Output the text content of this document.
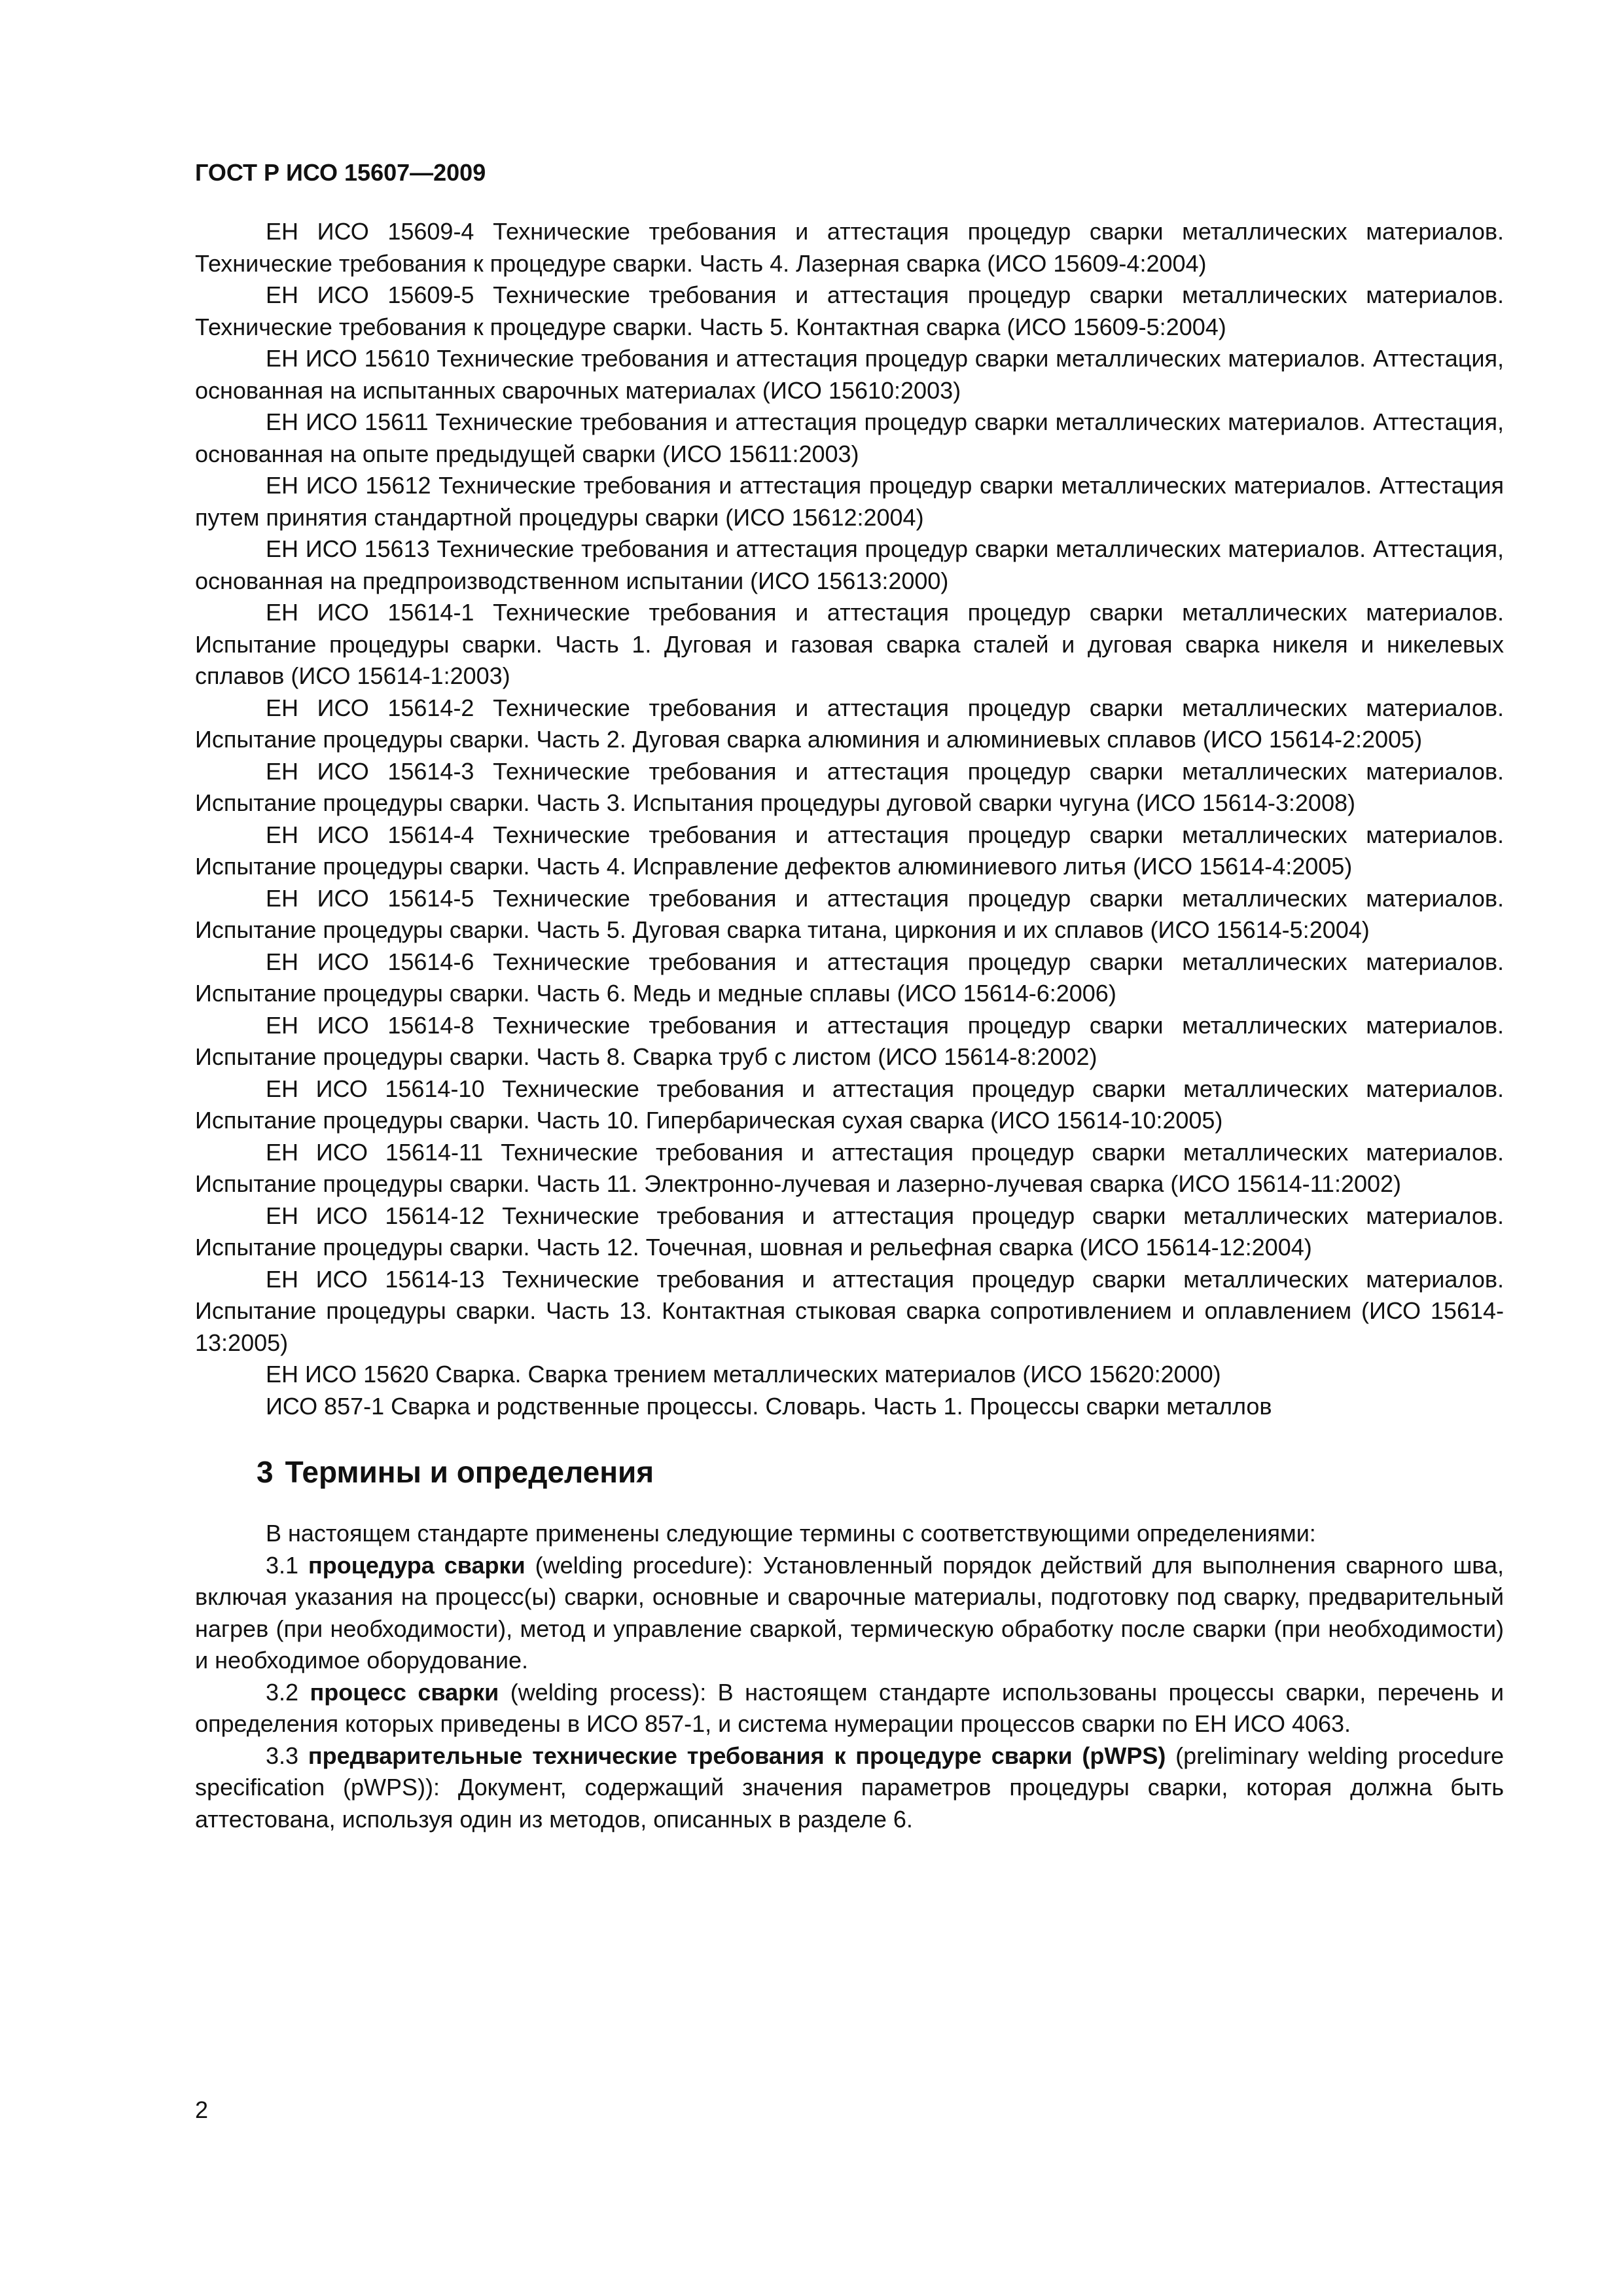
ГОСТ Р ИСО 15607—2009

ЕН ИСО 15609-4 Технические требования и аттестация процедур сварки металлических материалов. Технические требования к процедуре сварки. Часть 4. Лазерная сварка (ИСО 15609-4:2004)

ЕН ИСО 15609-5 Технические требования и аттестация процедур сварки металлических материалов. Технические требования к процедуре сварки. Часть 5. Контактная сварка (ИСО 15609-5:2004)

ЕН ИСО 15610 Технические требования и аттестация процедур сварки металлических материалов. Аттестация, основанная на испытанных сварочных материалах (ИСО 15610:2003)

ЕН ИСО 15611 Технические требования и аттестация процедур сварки металлических материалов. Аттестация, основанная на опыте предыдущей сварки (ИСО 15611:2003)

ЕН ИСО 15612 Технические требования и аттестация процедур сварки металлических материалов. Аттестация путем принятия стандартной процедуры сварки (ИСО 15612:2004)

ЕН ИСО 15613 Технические требования и аттестация процедур сварки металлических материалов. Аттестация, основанная на предпроизводственном испытании (ИСО 15613:2000)

ЕН ИСО 15614-1 Технические требования и аттестация процедур сварки металлических материалов. Испытание процедуры сварки. Часть 1. Дуговая и газовая сварка сталей и дуговая сварка никеля и никелевых сплавов (ИСО 15614-1:2003)

ЕН ИСО 15614-2 Технические требования и аттестация процедур сварки металлических материалов. Испытание процедуры сварки. Часть 2. Дуговая сварка алюминия и алюминиевых сплавов (ИСО 15614-2:2005)

ЕН ИСО 15614-3 Технические требования и аттестация процедур сварки металлических материалов. Испытание процедуры сварки. Часть 3. Испытания процедуры дуговой сварки чугуна (ИСО 15614-3:2008)

ЕН ИСО 15614-4 Технические требования и аттестация процедур сварки металлических материалов. Испытание процедуры сварки. Часть 4. Исправление дефектов алюминиевого литья (ИСО 15614-4:2005)

ЕН ИСО 15614-5 Технические требования и аттестация процедур сварки металлических материалов. Испытание процедуры сварки. Часть 5. Дуговая сварка титана, циркония и их сплавов (ИСО 15614-5:2004)

ЕН ИСО 15614-6 Технические требования и аттестация процедур сварки металлических материалов. Испытание процедуры сварки. Часть 6. Медь и медные сплавы (ИСО 15614-6:2006)

ЕН ИСО 15614-8 Технические требования и аттестация процедур сварки металлических материалов. Испытание процедуры сварки. Часть 8. Сварка труб с листом (ИСО 15614-8:2002)

ЕН ИСО 15614-10 Технические требования и аттестация процедур сварки металлических материалов. Испытание процедуры сварки. Часть 10. Гипербарическая сухая сварка (ИСО 15614-10:2005)

ЕН ИСО 15614-11 Технические требования и аттестация процедур сварки металлических материалов. Испытание процедуры сварки. Часть 11. Электронно-лучевая и лазерно-лучевая сварка (ИСО 15614-11:2002)

ЕН ИСО 15614-12 Технические требования и аттестация процедур сварки металлических материалов. Испытание процедуры сварки. Часть 12. Точечная, шовная и рельефная сварка (ИСО 15614-12:2004)

ЕН ИСО 15614-13 Технические требования и аттестация процедур сварки металлических материалов. Испытание процедуры сварки. Часть 13. Контактная стыковая сварка сопротивлением и оплавлением (ИСО 15614-13:2005)

ЕН ИСО 15620 Сварка. Сварка трением металлических материалов (ИСО 15620:2000)

ИСО 857-1 Сварка и родственные процессы. Словарь. Часть 1. Процессы сварки металлов

3 Термины и определения

В настоящем стандарте применены следующие термины с соответствующими определениями:

3.1 процедура сварки (welding procedure): Установленный порядок действий для выполнения сварного шва, включая указания на процесс(ы) сварки, основные и сварочные материалы, подготовку под сварку, предварительный нагрев (при необходимости), метод и управление сваркой, термическую обработку после сварки (при необходимости) и необходимое оборудование.

3.2 процесс сварки (welding process): В настоящем стандарте использованы процессы сварки, перечень и определения которых приведены в ИСО 857-1, и система нумерации процессов сварки по ЕН ИСО 4063.

3.3 предварительные технические требования к процедуре сварки (pWPS) (preliminary welding procedure specification (pWPS)): Документ, содержащий значения параметров процедуры сварки, которая должна быть аттестована, используя один из методов, описанных в разделе 6.

2
